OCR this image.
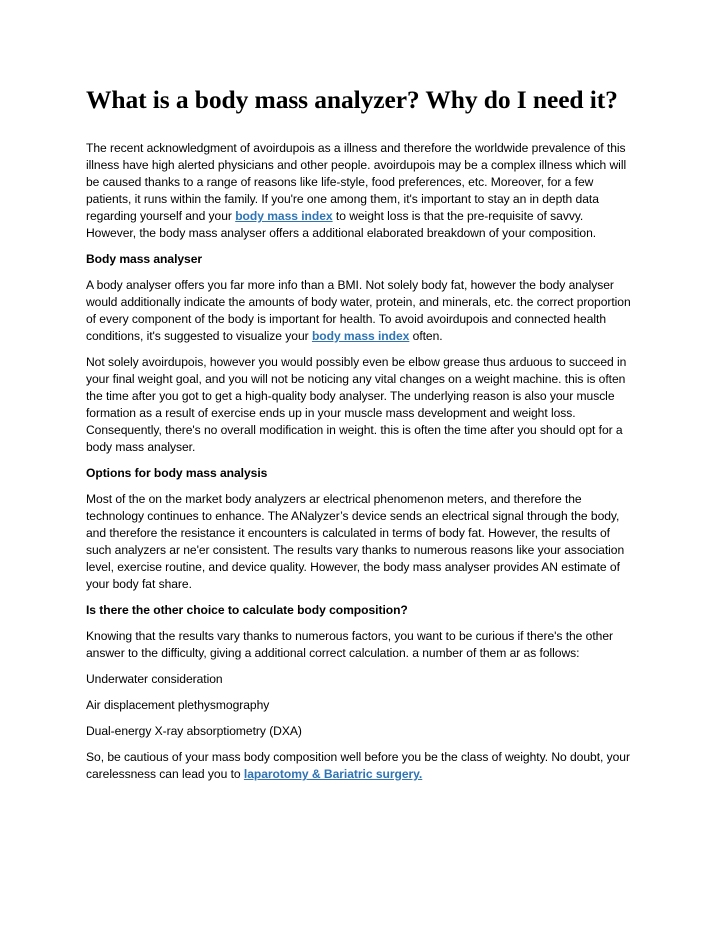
What is a body mass analyzer? Why do I need it?

The recent acknowledgment of avoirdupois as a illness and therefore the worldwide prevalence of this illness have high alerted physicians and other people. avoirdupois may be a complex illness which will be caused thanks to a range of reasons like life-style, food preferences, etc. Moreover, for a few patients, it runs within the family. If you're one among them, it's important to stay an in depth data regarding yourself and your body mass index to weight loss is that the pre-requisite of savvy. However, the body mass analyser offers a additional elaborated breakdown of your composition.

Body mass analyser

A body analyser offers you far more info than a BMI. Not solely body fat, however the body analyser would additionally indicate the amounts of body water, protein, and minerals, etc. the correct proportion of every component of the body is important for health. To avoid avoirdupois and connected health conditions, it's suggested to visualize your body mass index often.

Not solely avoirdupois, however you would possibly even be elbow grease thus arduous to succeed in your final weight goal, and you will not be noticing any vital changes on a weight machine. this is often the time after you got to get a high-quality body analyser. The underlying reason is also your muscle formation as a result of exercise ends up in your muscle mass development and weight loss. Consequently, there's no overall modification in weight. this is often the time after you should opt for a body mass analyser.

Options for body mass analysis

Most of the on the market body analyzers ar electrical phenomenon meters, and therefore the technology continues to enhance. The ANalyzer’s device sends an electrical signal through the body, and therefore the resistance it encounters is calculated in terms of body fat. However, the results of such analyzers ar ne'er consistent. The results vary thanks to numerous reasons like your association level, exercise routine, and device quality. However, the body mass analyser provides AN estimate of your body fat share.

Is there the other choice to calculate body composition?

Knowing that the results vary thanks to numerous factors, you want to be curious if there's the other answer to the difficulty, giving a additional correct calculation. a number of them ar as follows:

Underwater consideration

Air displacement plethysmography

Dual-energy X-ray absorptiometry (DXA)

So, be cautious of your mass body composition well before you be the class of weighty. No doubt, your carelessness can lead you to laparotomy & Bariatric surgery.
